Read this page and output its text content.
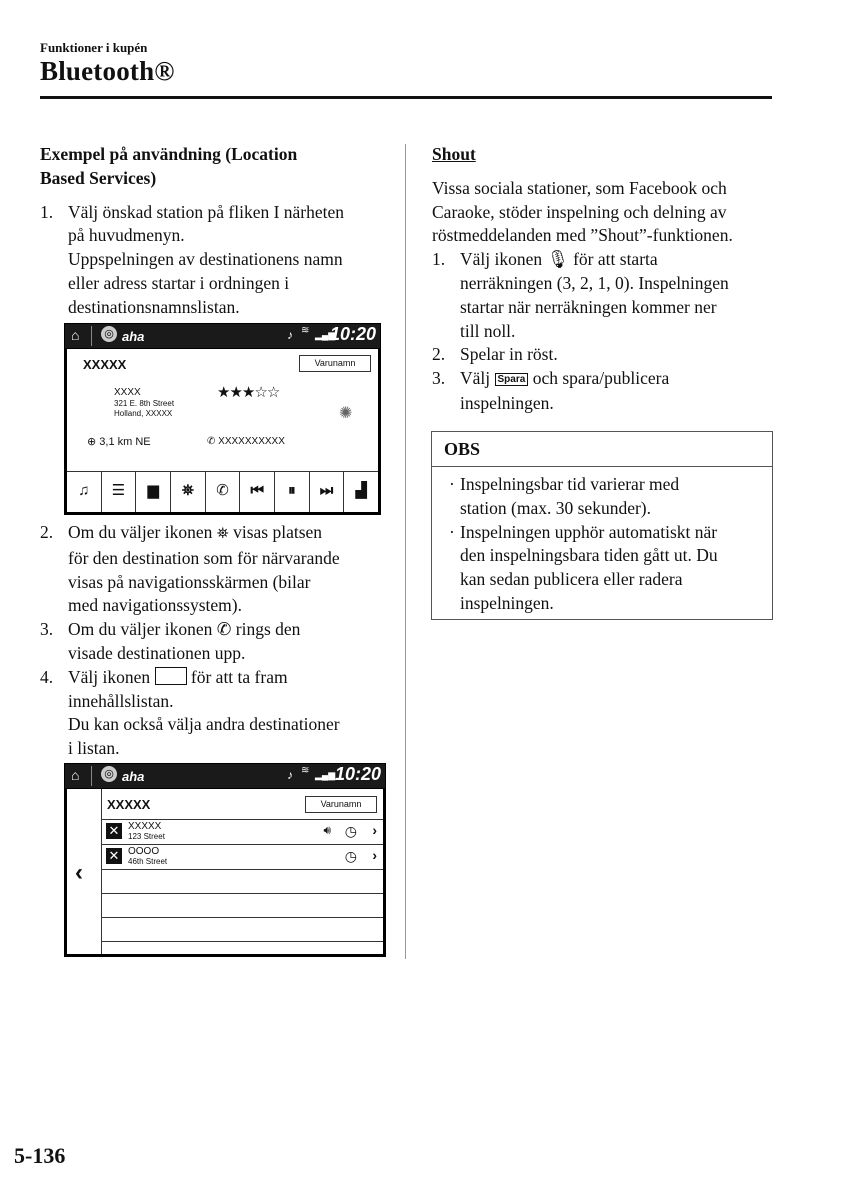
Funktioner i kupén
Bluetooth®
Exempel på användning (Location
Based Services)
1. Välj önskad station på fliken I närheten
på huvudmenyn.
Uppspelningen av destinationens namn
eller adress startar i ordningen i
destinationsnamnslistan.
⌂ ◎ aha	♪ ≋ ▂▄▆
10:20
XXXXX	Varunamn
XXXX
321 E. 8th Street
Holland, XXXXX
★★★☆☆
✺
⊕ 3,1 km NE	✆ XXXXXXXXXX
♫	☰	▆	⛯	✆	⏮	⏸	⏭	▟
2. Om du väljer ikonen ⛯ visas platsen
för den destination som för närvarande
visas på navigationsskärmen (bilar
med navigationssystem).
3. Om du väljer ikonen ✆ rings den
visade destinationen upp.
4. Välj ikonen för att ta fram
innehållslistan.
Du kan också välja andra destinationer
i listan.
⌂ ◎ aha	♪ ≋ ▂▄▆ 10:20
‹
XXXXX	Varunamn
✕ XXXXX
123 Street	🔊︎ ◷ ›
✕ OOOO
46th Street	◷ ›
Shout
Vissa sociala stationer, som Facebook och
Caraoke, stöder inspelning och delning av
röstmeddelanden med ”Shout”-funktionen.
1. Välj ikonen 🎙︎ för att starta
nerräkningen (3, 2, 1, 0). Inspelningen
startar när nerräkningen kommer ner
till noll.
2. Spelar in röst.
3. Välj Spara och spara/publicera
inspelningen.
OBS
· Inspelningsbar tid varierar med
station (max. 30 sekunder).
· Inspelningen upphör automatiskt när
den inspelningsbara tiden gått ut. Du
kan sedan publicera eller radera
inspelningen.
5-136
